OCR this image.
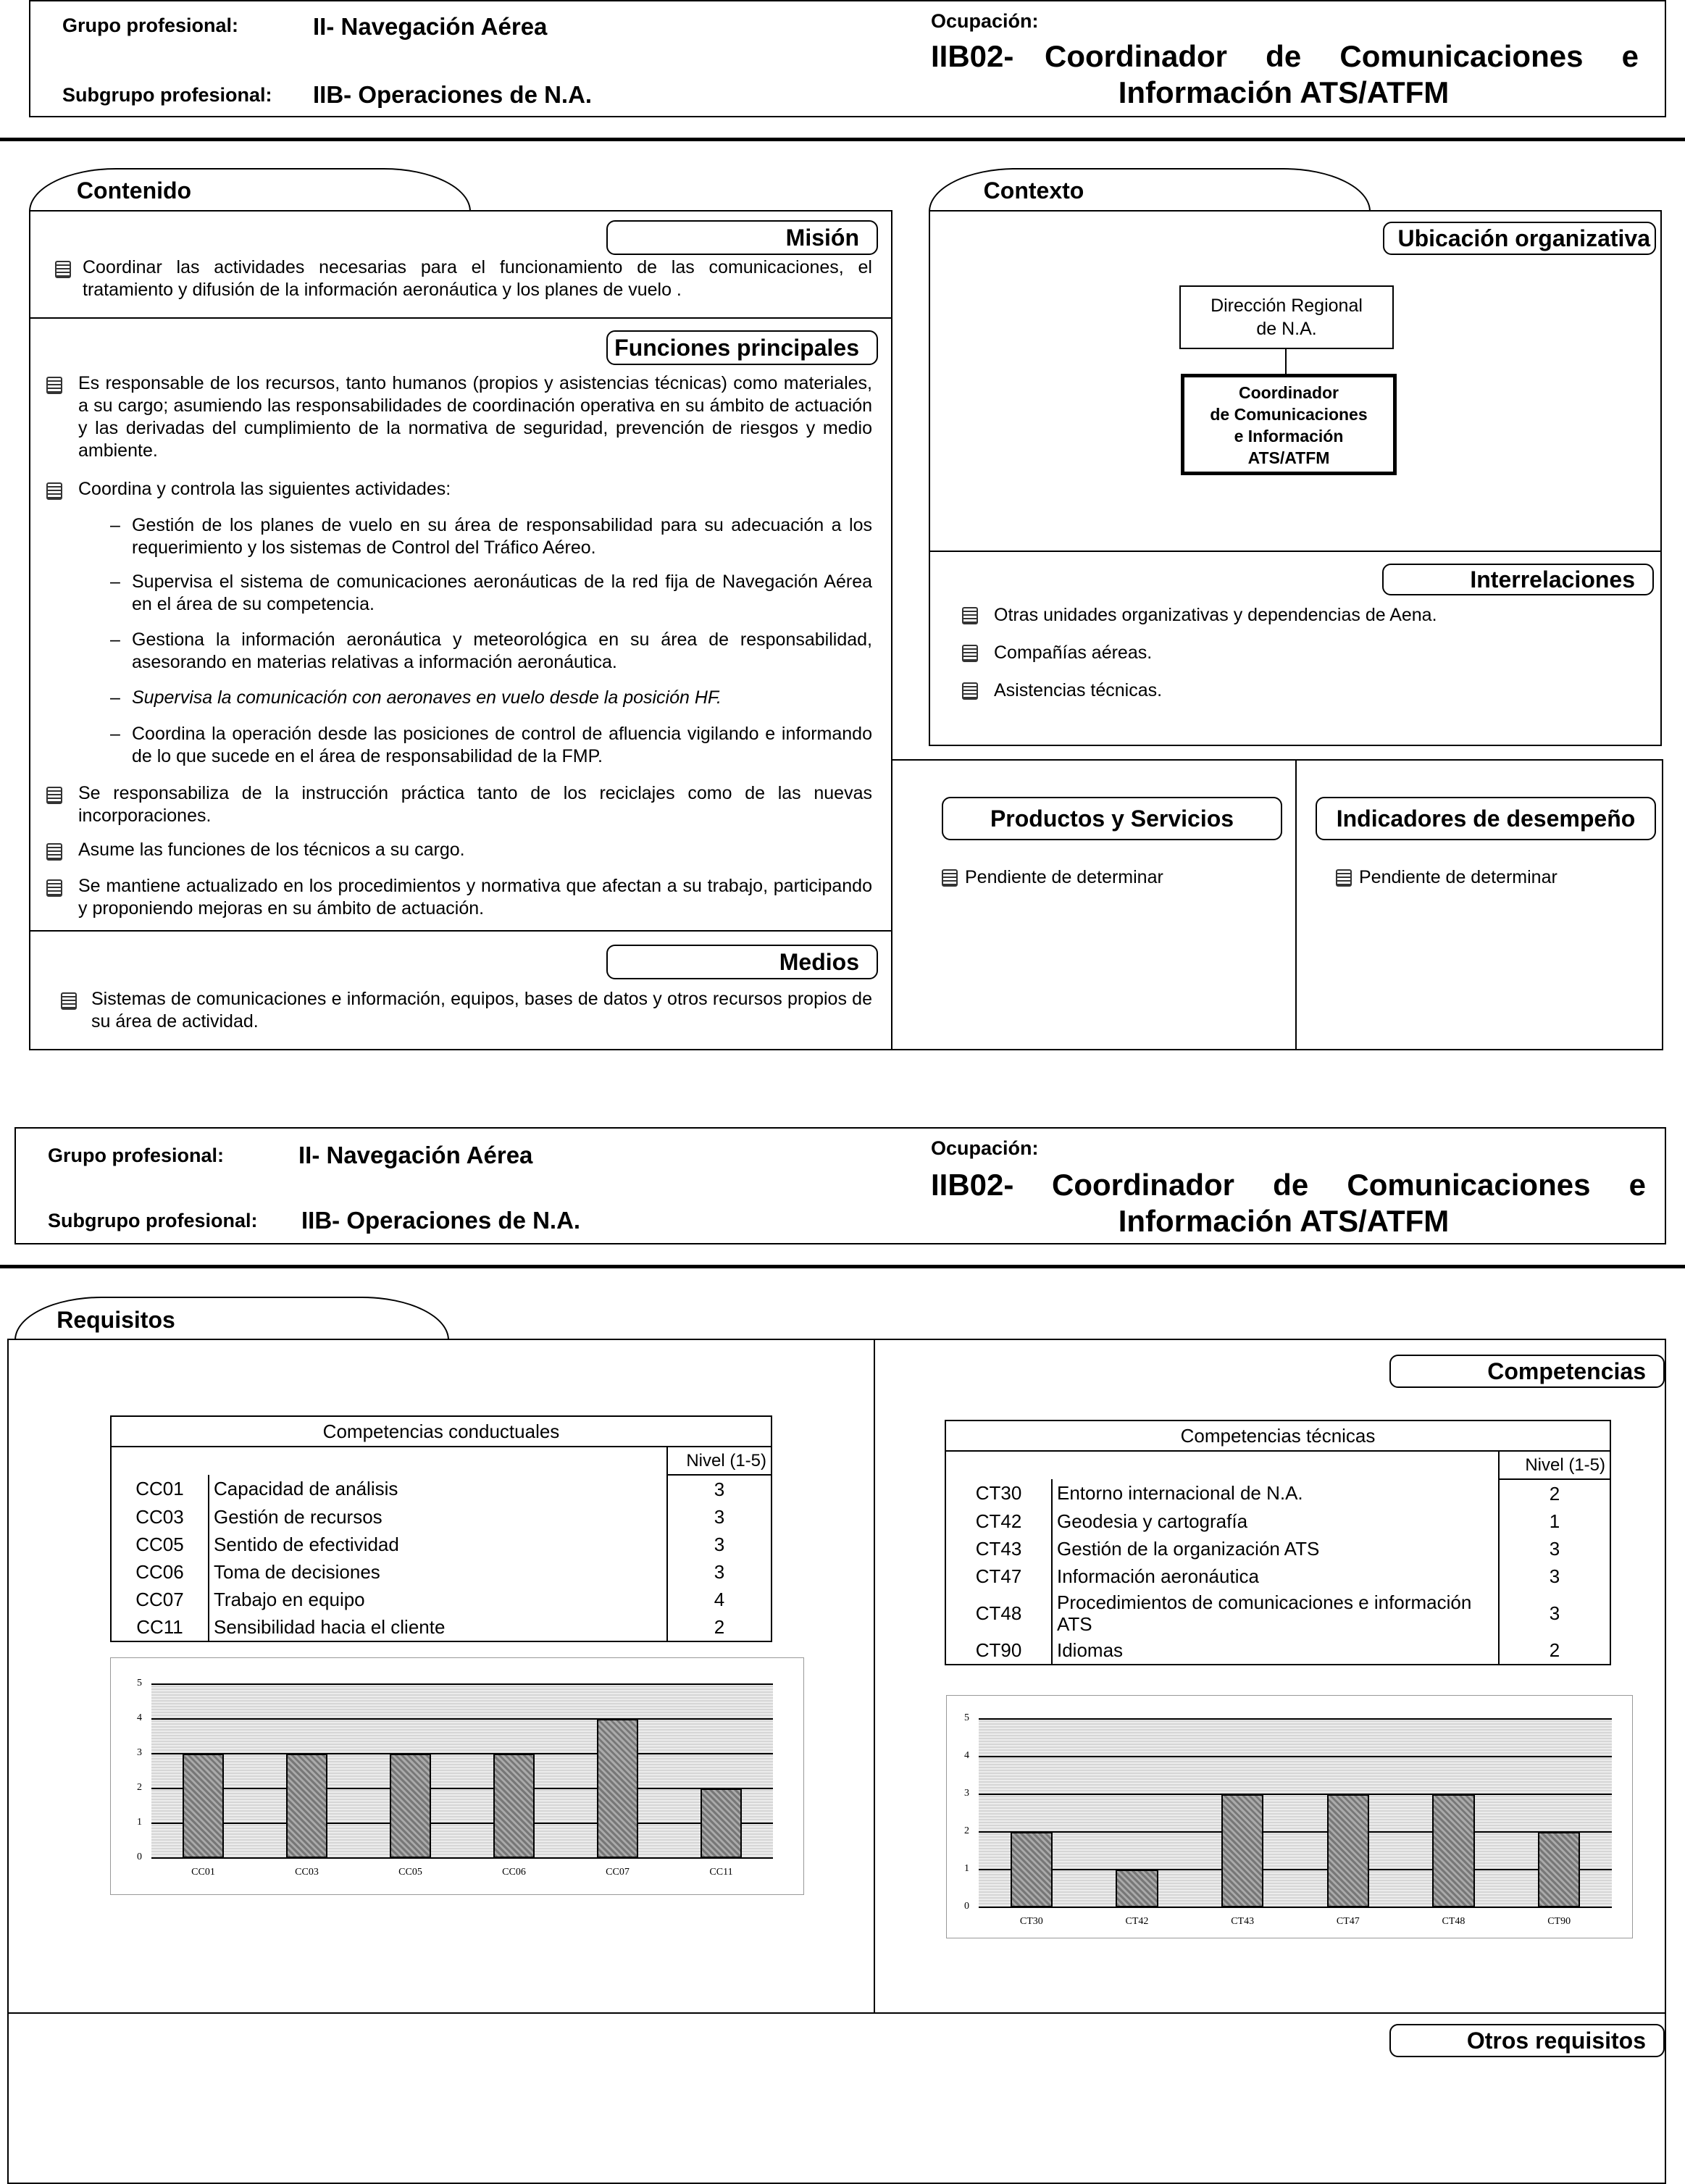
Grupo profesional:	II- Navegación Aérea
Subgrupo profesional: IIB- Operaciones de N.A.
Ocupación:
IIB02- Coordinador de Comunicaciones e
Información ATS/ATFM
Contenido
Misión
Coordinar las actividades necesarias para el funcionamiento de las comunicaciones, el tratamiento y difusión de la información aeronáutica y los planes de vuelo .
Funciones principales
Es responsable de los recursos, tanto humanos (propios y asistencias técnicas) como materiales, a su cargo; asumiendo las responsabilidades de coordinación operativa en su ámbito de actuación y las derivadas del cumplimiento de la normativa de seguridad, prevención de riesgos y medio ambiente.
Coordina y controla las siguientes actividades:
– Gestión de los planes de vuelo en su área de responsabilidad para su adecuación a los requerimiento y los sistemas de Control del Tráfico Aéreo.
– Supervisa el sistema de comunicaciones aeronáuticas de la red fija de Navegación Aérea en el área de su competencia.
– Gestiona la información aeronáutica y meteorológica en su área de responsabilidad, asesorando en materias relativas a información aeronáutica.
– Supervisa la comunicación con aeronaves en vuelo desde la posición HF.
– Coordina la operación desde las posiciones de control de afluencia vigilando e informando de lo que sucede en el área de responsabilidad de la FMP.
Se responsabiliza de la instrucción práctica tanto de los reciclajes como de las nuevas incorporaciones.
Asume las funciones de los técnicos a su cargo.
Se mantiene actualizado en los procedimientos y normativa que afectan a su trabajo, participando y proponiendo mejoras en su ámbito de actuación.
Medios
Sistemas de comunicaciones e información, equipos, bases de datos y otros recursos propios de su área de actividad.
Contexto
Ubicación organizativa
Dirección Regional
de N.A.
Coordinador
de Comunicaciones
e Información
ATS/ATFM
Interrelaciones
Otras unidades organizativas y dependencias de Aena.
Compañías aéreas.
Asistencias técnicas.
Productos y Servicios
Pendiente de determinar
Indicadores de desempeño
Pendiente de determinar
Grupo profesional:	II- Navegación Aérea
Subgrupo profesional: IIB- Operaciones de N.A.
Ocupación:
IIB02- Coordinador de Comunicaciones e
Información ATS/ATFM
Requisitos
Competencias
Otros requisitos
Competencias conductuales		
		Nivel (1-5)
CC01	Capacidad de análisis	3
CC03	Gestión de recursos	3
CC05	Sentido de efectividad	3
CC06	Toma de decisiones	3
CC07	Trabajo en equipo	4
CC11	Sensibilidad hacia el cliente	2
Competencias técnicas		
		Nivel (1-5)
CT30	Entorno internacional de N.A.	2
CT42	Geodesia y cartografía	1
CT43	Gestión de la organización ATS	3
CT47	Información aeronáutica	3
CT48	Procedimientos de comunicaciones e información ATS	3
CT90	Idiomas	2
0
1
2
3
4
5
CC01	CC03	CC05	CC06	CC07	CC11
0
1
2
3
4
5
CT30	CT42	CT43	CT47	CT48	CT90
